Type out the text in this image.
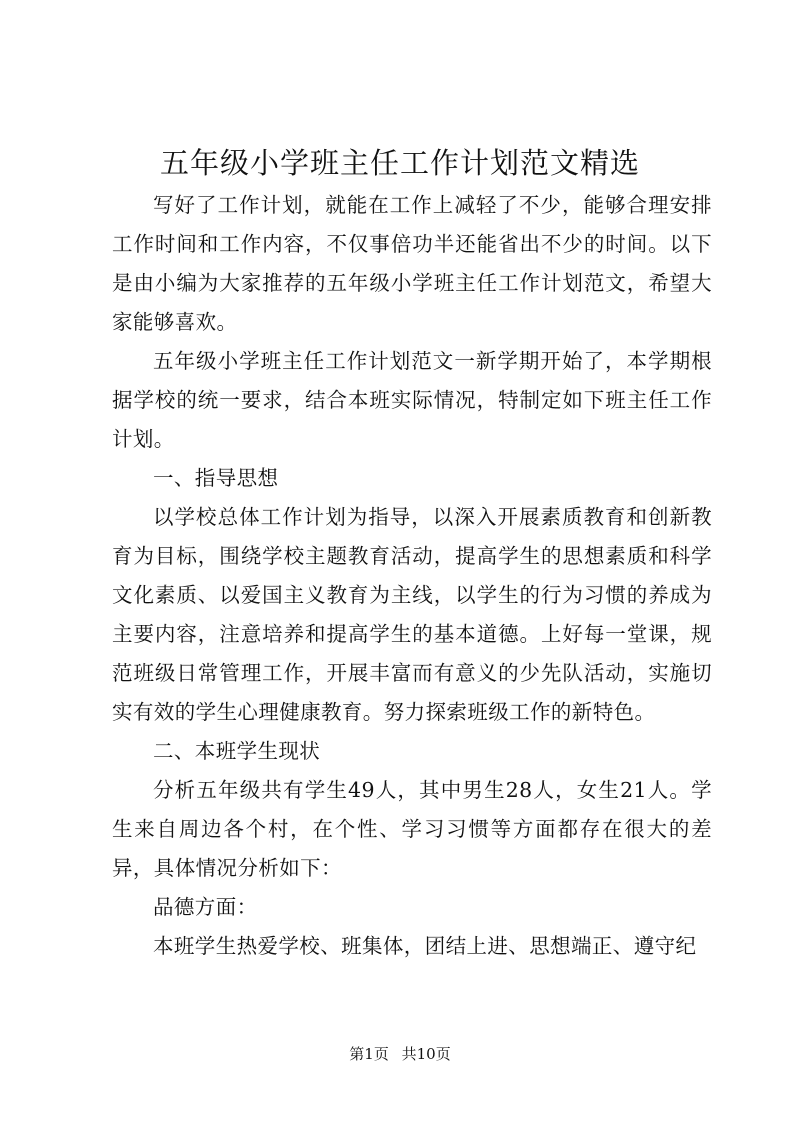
五年级小学班主任工作计划范文精选

写好了工作计划，就能在工作上减轻了不少，能够合理安排工作时间和工作内容，不仅事倍功半还能省出不少的时间。以下是由小编为大家推荐的五年级小学班主任工作计划范文，希望大家能够喜欢。

五年级小学班主任工作计划范文一新学期开始了，本学期根据学校的统一要求，结合本班实际情况，特制定如下班主任工作计划。

一、指导思想

以学校总体工作计划为指导，以深入开展素质教育和创新教育为目标，围绕学校主题教育活动，提高学生的思想素质和科学文化素质、以爱国主义教育为主线，以学生的行为习惯的养成为主要内容，注意培养和提高学生的基本道德。上好每一堂课，规范班级日常管理工作，开展丰富而有意义的少先队活动，实施切实有效的学生心理健康教育。努力探索班级工作的新特色。

二、本班学生现状

分析五年级共有学生49人，其中男生28人，女生21人。学生来自周边各个村，在个性、学习习惯等方面都存在很大的差异，具体情况分析如下：

品德方面：

本班学生热爱学校、班集体，团结上进、思想端正、遵守纪

第1页 共10页
